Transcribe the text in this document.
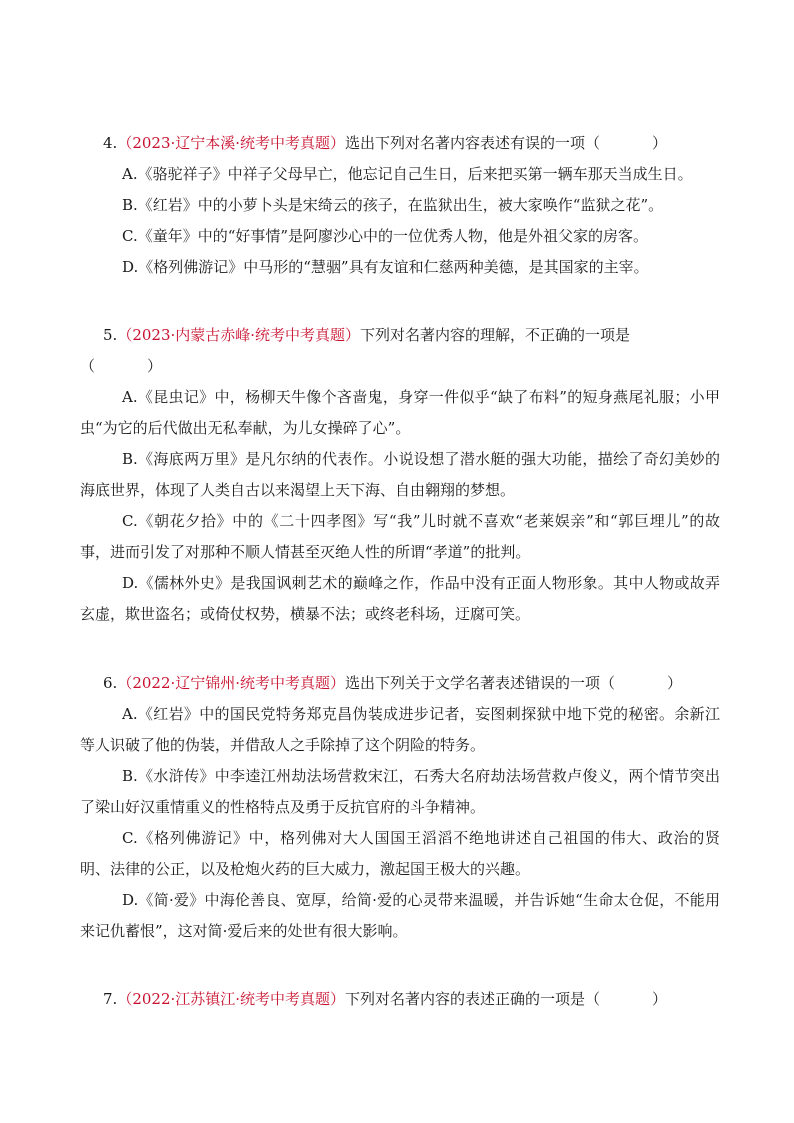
4.（2023·辽宁本溪·统考中考真题）选出下列对名著内容表述有误的一项（	）

A.《骆驼祥子》中祥子父母早亡，他忘记自己生日，后来把买第一辆车那天当成生日。

B.《红岩》中的小萝卜头是宋绮云的孩子，在监狱出生，被大家唤作“监狱之花”。

C.《童年》中的“好事情”是阿廖沙心中的一位优秀人物，他是外祖父家的房客。

D.《格列佛游记》中马形的“慧骃”具有友谊和仁慈两种美德，是其国家的主宰。

5.（2023·内蒙古赤峰·统考中考真题）下列对名著内容的理解，不正确的一项是

（	）

A.《昆虫记》中，杨柳天牛像个吝啬鬼，身穿一件似乎“缺了布料”的短身燕尾礼服；小甲虫“为它的后代做出无私奉献，为儿女操碎了心”。

B.《海底两万里》是凡尔纳的代表作。小说设想了潜水艇的强大功能，描绘了奇幻美妙的海底世界，体现了人类自古以来渴望上天下海、自由翱翔的梦想。

C.《朝花夕拾》中的《二十四孝图》写“我”儿时就不喜欢“老莱娱亲”和“郭巨埋儿”的故事，进而引发了对那种不顺人情甚至灭绝人性的所谓“孝道”的批判。

D.《儒林外史》是我国讽刺艺术的巅峰之作，作品中没有正面人物形象。其中人物或故弄玄虚，欺世盗名；或倚仗权势，横暴不法；或终老科场，迂腐可笑。

6.（2022·辽宁锦州·统考中考真题）选出下列关于文学名著表述错误的一项（	）

A.《红岩》中的国民党特务郑克昌伪装成进步记者，妄图刺探狱中地下党的秘密。余新江等人识破了他的伪装，并借敌人之手除掉了这个阴险的特务。

B.《水浒传》中李逵江州劫法场营救宋江，石秀大名府劫法场营救卢俊义，两个情节突出了梁山好汉重情重义的性格特点及勇于反抗官府的斗争精神。

C.《格列佛游记》中，格列佛对大人国国王滔滔不绝地讲述自己祖国的伟大、政治的贤明、法律的公正，以及枪炮火药的巨大威力，激起国王极大的兴趣。

D.《简·爱》中海伦善良、宽厚，给简·爱的心灵带来温暖，并告诉她“生命太仓促，不能用来记仇蓄恨”，这对简·爱后来的处世有很大影响。

7.（2022·江苏镇江·统考中考真题）下列对名著内容的表述正确的一项是（	）
